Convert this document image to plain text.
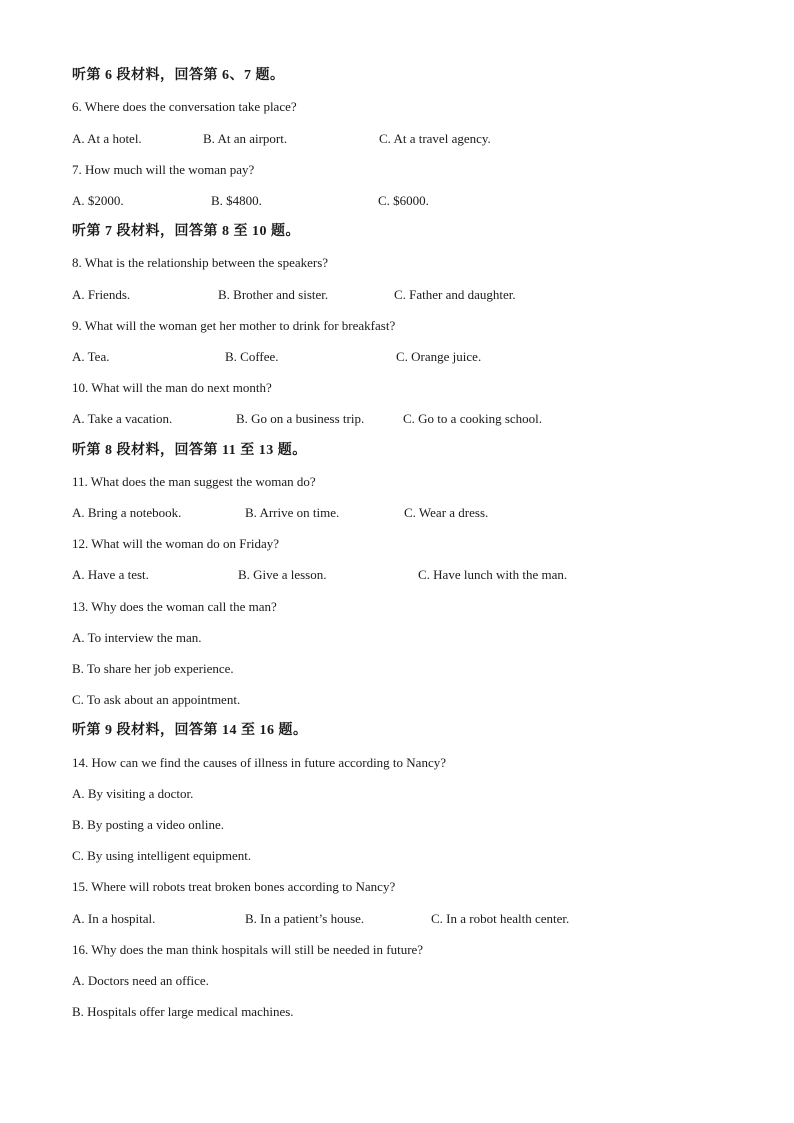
听第 6 段材料，回答第 6、7 题。
6. Where does the conversation take place?
A. At a hotel.	B. At an airport.	C. At a travel agency.
7. How much will the woman pay?
A. $2000.	B. $4800.	C. $6000.
听第 7 段材料，回答第 8 至 10 题。
8. What is the relationship between the speakers?
A. Friends.	B. Brother and sister.	C. Father and daughter.
9. What will the woman get her mother to drink for breakfast?
A. Tea.	B. Coffee.	C. Orange juice.
10. What will the man do next month?
A. Take a vacation.	B. Go on a business trip.	C. Go to a cooking school.
听第 8 段材料，回答第 11 至 13 题。
11. What does the man suggest the woman do?
A. Bring a notebook.	B. Arrive on time.	C. Wear a dress.
12. What will the woman do on Friday?
A. Have a test.	B. Give a lesson.	C. Have lunch with the man.
13. Why does the woman call the man?
A. To interview the man.
B. To share her job experience.
C. To ask about an appointment.
听第 9 段材料，回答第 14 至 16 题。
14. How can we find the causes of illness in future according to Nancy?
A. By visiting a doctor.
B. By posting a video online.
C. By using intelligent equipment.
15. Where will robots treat broken bones according to Nancy?
A. In a hospital.	B. In a patient’s house.	C. In a robot health center.
16. Why does the man think hospitals will still be needed in future?
A. Doctors need an office.
B. Hospitals offer large medical machines.
